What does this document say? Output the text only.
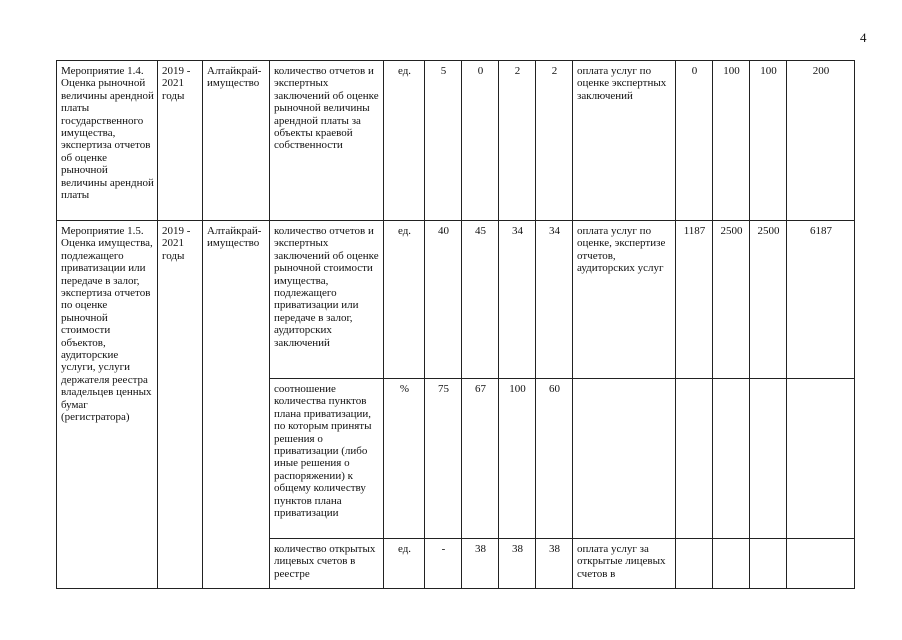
4
Мероприятие 1.4. Оценка рыночной величины арендной платы государственного имущества, экспертиза отчетов об оценке рыночной величины арендной платы	2019 - 2021 годы	Алтайкрай-имущество	количество отчетов и экспертных заключений об оценке рыночной величины арендной платы за объекты краевой собственности	ед.	5	0	2	2	оплата услуг по оценке экспертных заключений	0	100	100	200
Мероприятие 1.5. Оценка имущества, подлежащего приватизации или передаче в залог, экспертиза отчетов по оценке рыночной стоимости объектов, аудиторские услуги, услуги держателя реестра владельцев ценных бумаг (регистратора)	2019 - 2021 годы	Алтайкрай-имущество	количество отчетов и экспертных заключений об оценке рыночной стоимости имущества, подлежащего приватизации или передаче в залог, аудиторских заключений	ед.	40	45	34	34	оплата услуг по оценке, экспертизе отчетов, аудиторских услуг	1187	2500	2500	6187
			соотношение количества пунктов плана приватизации, по которым приняты решения о приватизации (либо иные решения о распоряжении) к общему количеству пунктов плана приватизации	%	75	67	100	60					
			количество открытых лицевых счетов в реестре	ед.	-	38	38	38	оплата услуг за открытые лицевых счетов в				
